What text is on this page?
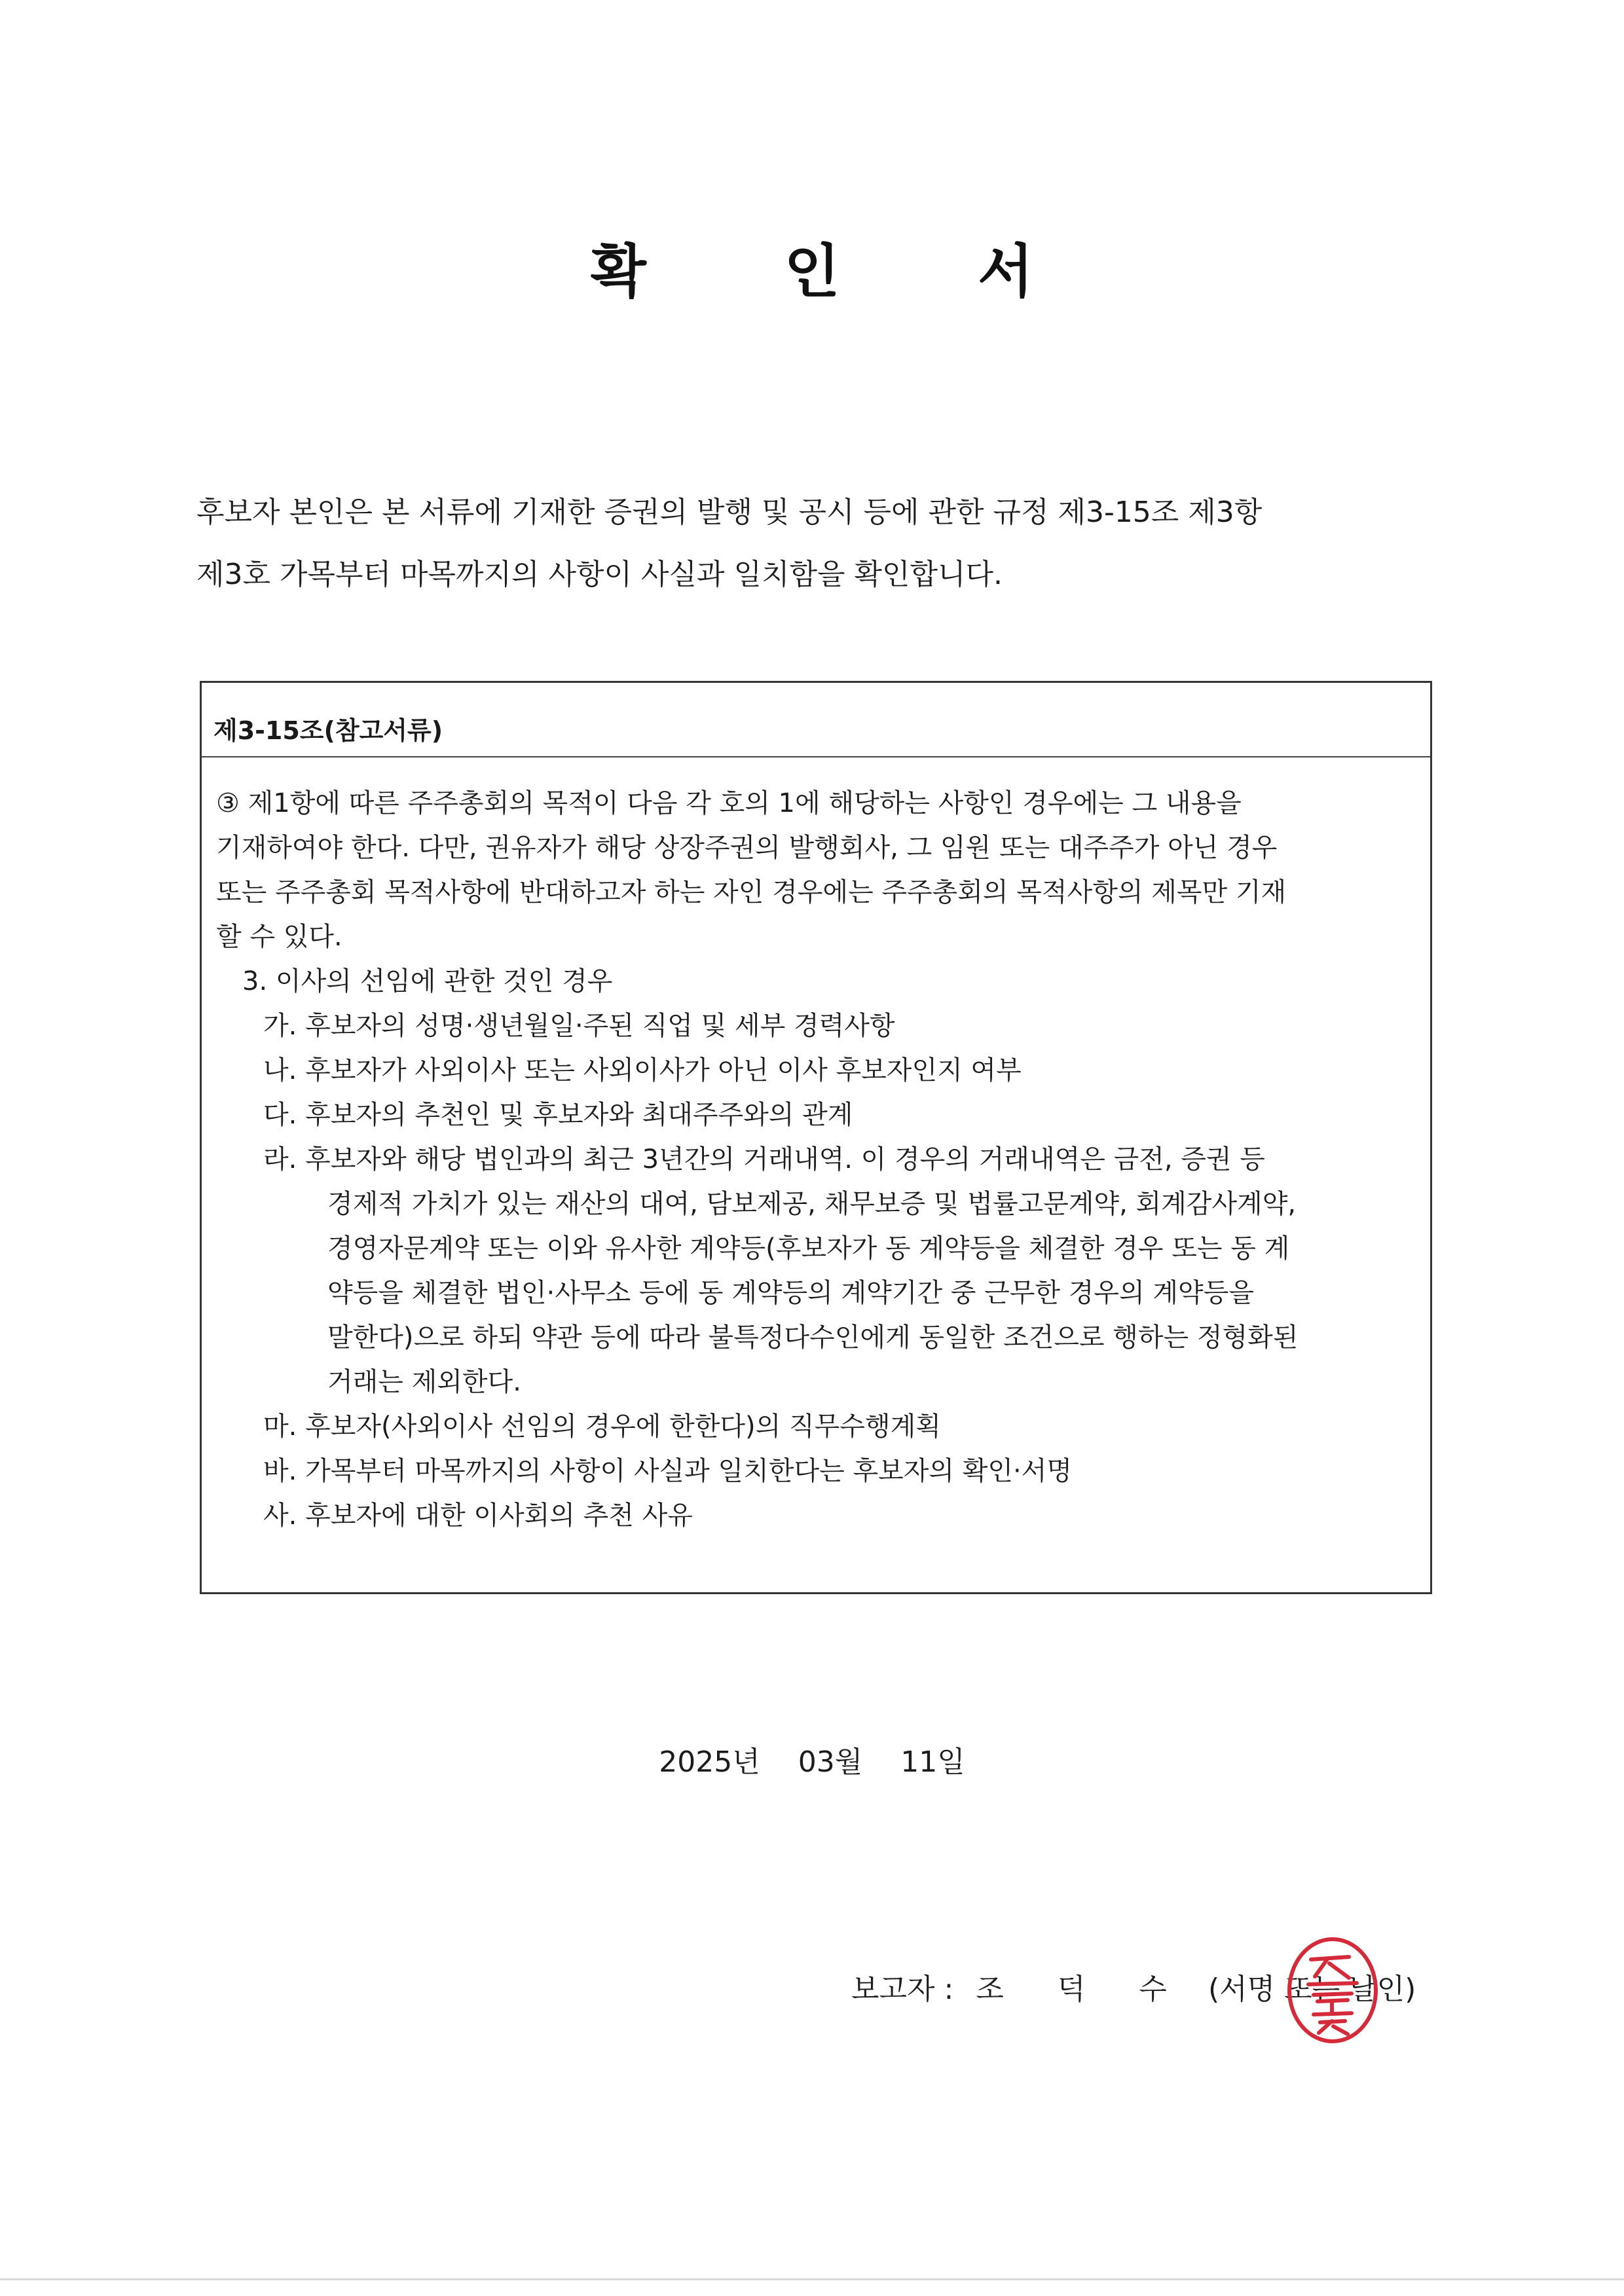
확 인 서

후보자 본인은 본 서류에 기재한 증권의 발행 및 공시 등에 관한 규정 제3-15조 제3항

제3호 가목부터 마목까지의 사항이 사실과 일치함을 확인합니다.

제3-15조(참고서류)

③ 제1항에 따른 주주총회의 목적이 다음 각 호의 1에 해당하는 사항인 경우에는 그 내용을

기재하여야 한다. 다만, 권유자가 해당 상장주권의 발행회사, 그 임원 또는 대주주가 아닌 경우

또는 주주총회 목적사항에 반대하고자 하는 자인 경우에는 주주총회의 목적사항의 제목만 기재

할 수 있다.

3. 이사의 선임에 관한 것인 경우

가. 후보자의 성명·생년월일·주된 직업 및 세부 경력사항

나. 후보자가 사외이사 또는 사외이사가 아닌 이사 후보자인지 여부

다. 후보자의 추천인 및 후보자와 최대주주와의 관계

라. 후보자와 해당 법인과의 최근 3년간의 거래내역. 이 경우의 거래내역은 금전, 증권 등

경제적 가치가 있는 재산의 대여, 담보제공, 채무보증 및 법률고문계약, 회계감사계약,

경영자문계약 또는 이와 유사한 계약등(후보자가 동 계약등을 체결한 경우 또는 동 계

약등을 체결한 법인·사무소 등에 동 계약등의 계약기간 중 근무한 경우의 계약등을

말한다)으로 하되 약관 등에 따라 불특정다수인에게 동일한 조건으로 행하는 정형화된

거래는 제외한다.

마. 후보자(사외이사 선임의 경우에 한한다)의 직무수행계획

바. 가목부터 마목까지의 사항이 사실과 일치한다는 후보자의 확인·서명

사. 후보자에 대한 이사회의 추천 사유

2025년 03월 11일
보고자 : 조 덕 수 (서명 또는 날인)
